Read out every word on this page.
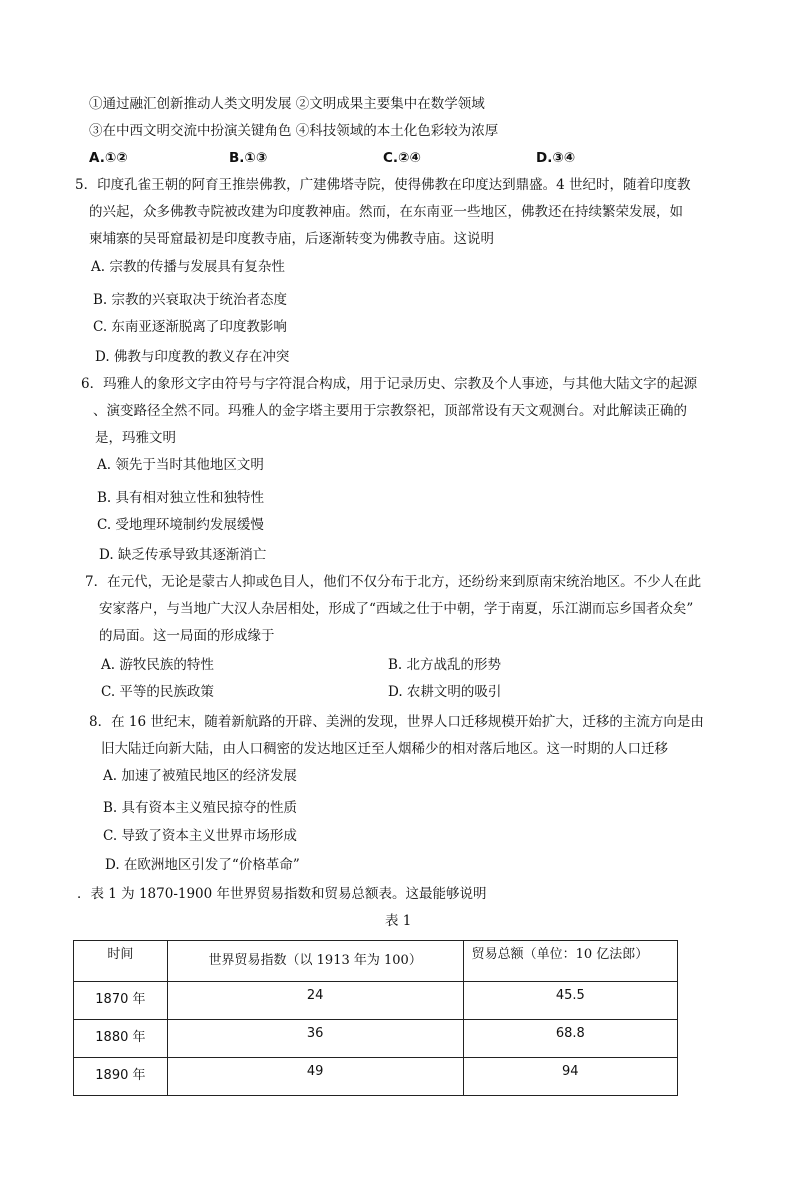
①通过融汇创新推动人类文明发展 ②文明成果主要集中在数学领域
③在中西文明交流中扮演关键角色 ④科技领域的本土化色彩较为浓厚
A.①②	B.①③	C.②④	D.③④
5．印度孔雀王朝的阿育王推崇佛教，广建佛塔寺院，使得佛教在印度达到鼎盛。4 世纪时，随着印度教
的兴起，众多佛教寺院被改建为印度教神庙。然而，在东南亚一些地区，佛教还在持续繁荣发展，如
柬埔寨的吴哥窟最初是印度教寺庙，后逐渐转变为佛教寺庙。这说明
A. 宗教的传播与发展具有复杂性
B. 宗教的兴衰取决于统治者态度
C. 东南亚逐渐脱离了印度教影响
D. 佛教与印度教的教义存在冲突
6．玛雅人的象形文字由符号与字符混合构成，用于记录历史、宗教及个人事迹，与其他大陆文字的起源
、演变路径全然不同。玛雅人的金字塔主要用于宗教祭祀，顶部常设有天文观测台。对此解读正确的
是，玛雅文明
A. 领先于当时其他地区文明
B. 具有相对独立性和独特性
C. 受地理环境制约发展缓慢
D. 缺乏传承导致其逐渐消亡
7．在元代，无论是蒙古人抑或色目人，他们不仅分布于北方，还纷纷来到原南宋统治地区。不少人在此
安家落户，与当地广大汉人杂居相处，形成了“西域之仕于中朝，学于南夏，乐江湖而忘乡国者众矣”
的局面。这一局面的形成缘于
A. 游牧民族的特性	B. 北方战乱的形势
C. 平等的民族政策	D. 农耕文明的吸引
8．在 16 世纪末，随着新航路的开辟、美洲的发现，世界人口迁移规模开始扩大，迁移的主流方向是由
旧大陆迁向新大陆，由人口稠密的发达地区迁至人烟稀少的相对落后地区。这一时期的人口迁移
A. 加速了被殖民地区的经济发展
B. 具有资本主义殖民掠夺的性质
C. 导致了资本主义世界市场形成
D. 在欧洲地区引发了“价格革命”
．表 1 为 1870-1900 年世界贸易指数和贸易总额表。这最能够说明
表 1
时间	世界贸易指数（以 1913 年为 100）	贸易总额（单位：10 亿法郎）
1870 年	24	45.5
1880 年	36	68.8
1890 年	49	94
